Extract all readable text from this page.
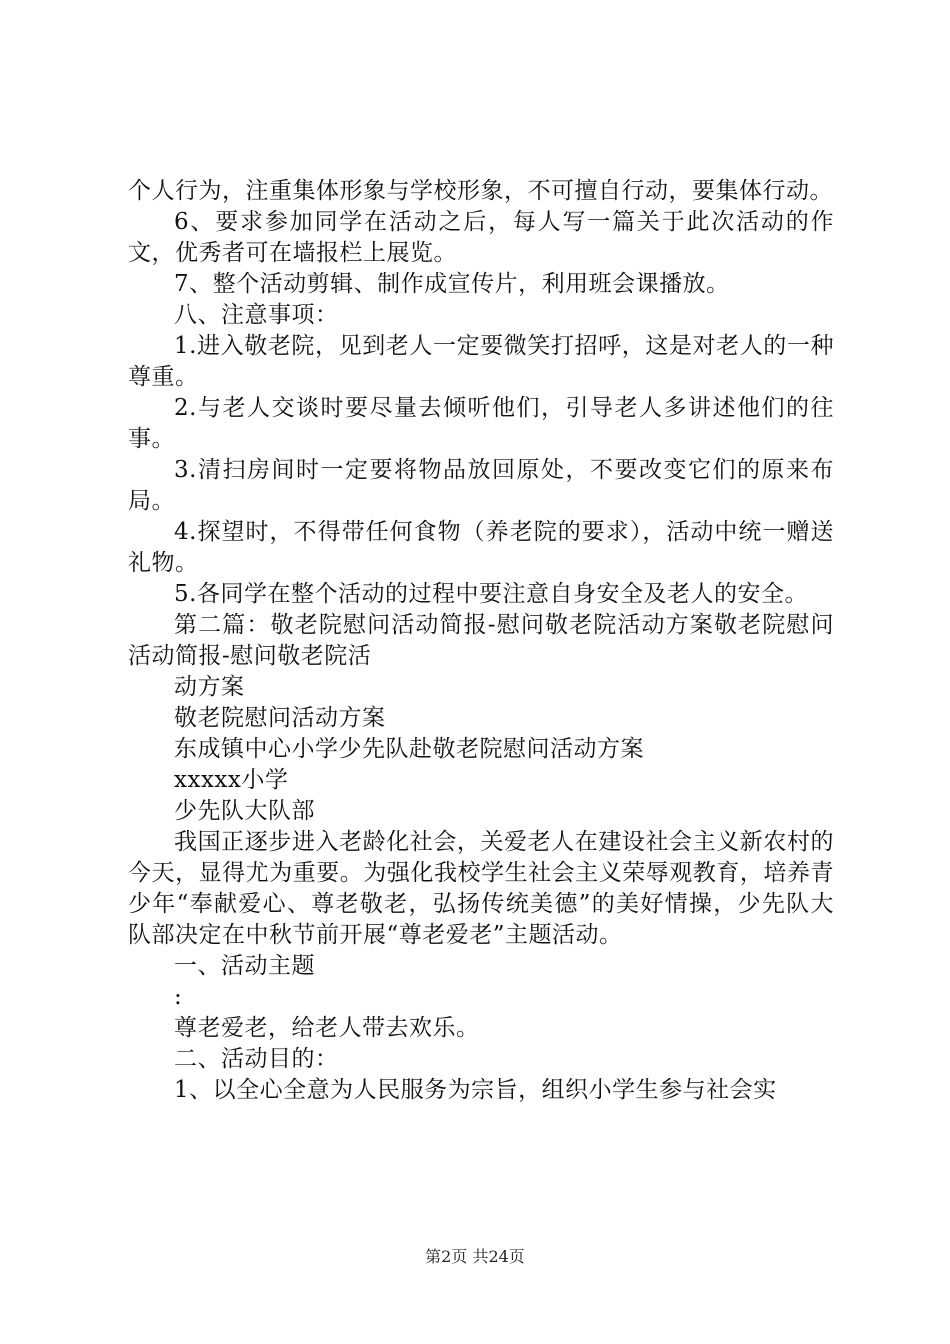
个人行为，注重集体形象与学校形象，不可擅自行动，要集体行动。

6、要求参加同学在活动之后，每人写一篇关于此次活动的作文，优秀者可在墙报栏上展览。

7、整个活动剪辑、制作成宣传片，利用班会课播放。

八、注意事项：

1.进入敬老院，见到老人一定要微笑打招呼，这是对老人的一种尊重。

2.与老人交谈时要尽量去倾听他们，引导老人多讲述他们的往事。

3.清扫房间时一定要将物品放回原处，不要改变它们的原来布局。

4.探望时，不得带任何食物（养老院的要求），活动中统一赠送礼物。

5.各同学在整个活动的过程中要注意自身安全及老人的安全。

第二篇：敬老院慰问活动简报-慰问敬老院活动方案敬老院慰问活动简报-慰问敬老院活

动方案

敬老院慰问活动方案

东成镇中心小学少先队赴敬老院慰问活动方案

xxxxx小学

少先队大队部

我国正逐步进入老龄化社会，关爱老人在建设社会主义新农村的今天，显得尤为重要。为强化我校学生社会主义荣辱观教育，培养青少年“奉献爱心、尊老敬老，弘扬传统美德”的美好情操，少先队大队部决定在中秋节前开展“尊老爱老”主题活动。

一、活动主题

:

尊老爱老，给老人带去欢乐。

二、活动目的：

1、以全心全意为人民服务为宗旨，组织小学生参与社会实

第2页 共24页
